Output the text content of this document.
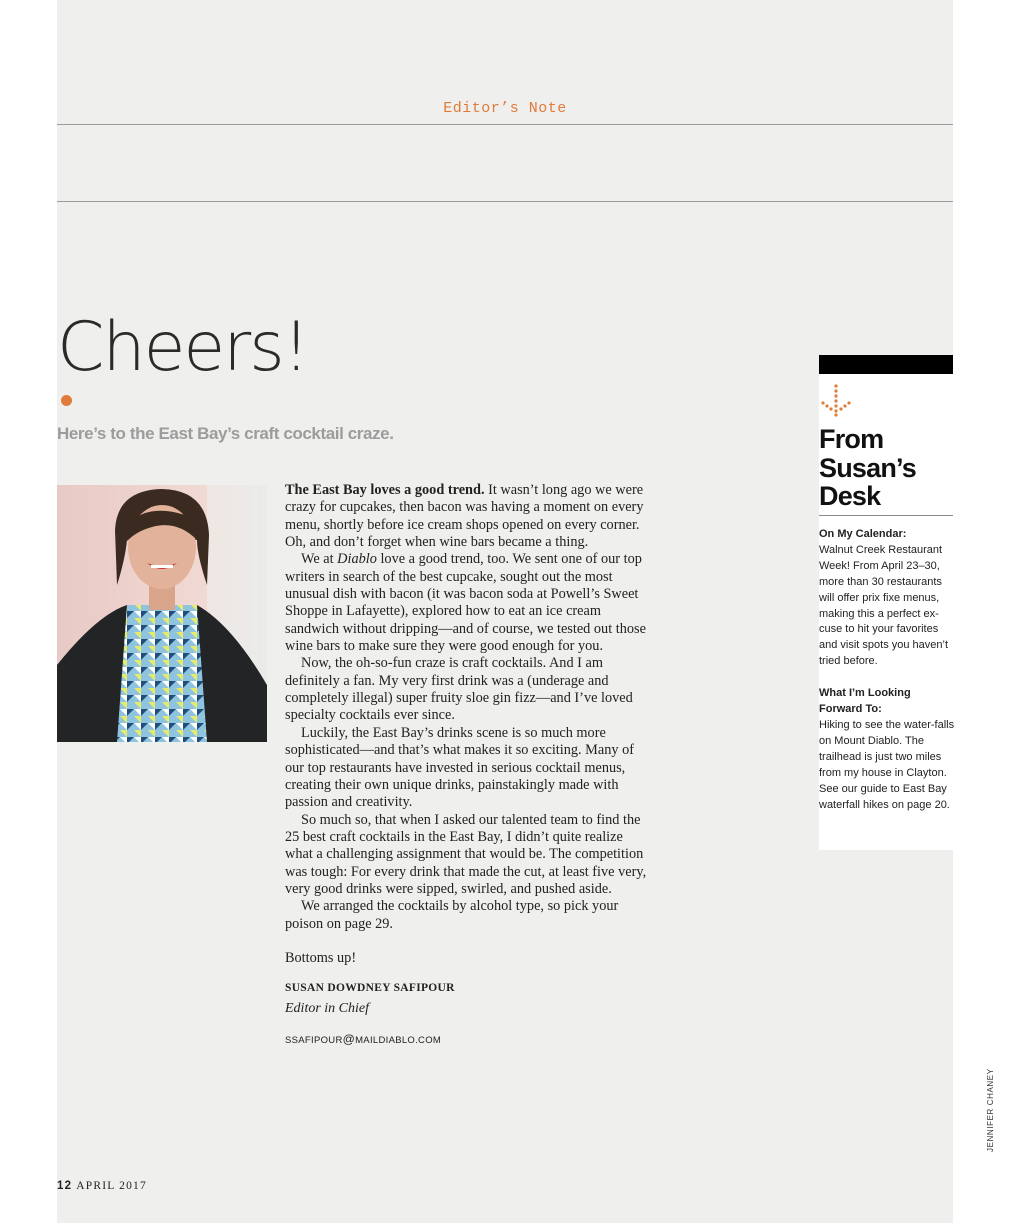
Editor’s Note
Cheers!
Here’s to the East Bay’s craft cocktail craze.

The East Bay loves a good trend. It wasn’t long ago we were crazy for cupcakes, then bacon was having a moment on every menu, shortly before ice cream shops opened on every corner. Oh, and don’t forget when wine bars became a thing.

We at Diablo love a good trend, too. We sent one of our top writers in search of the best cupcake, sought out the most unusual dish with bacon (it was bacon soda at Powell’s Sweet Shoppe in Lafayette), explored how to eat an ice cream sandwich without dripping—and of course, we tested out those wine bars to make sure they were good enough for you.

Now, the oh-so-fun craze is craft cocktails. And I am definitely a fan. My very first drink was a (underage and completely illegal) super fruity sloe gin fizz—and I’ve loved specialty cocktails ever since.

Luckily, the East Bay’s drinks scene is so much more sophisticated—and that’s what makes it so exciting. Many of our top restaurants have invested in serious cocktail menus, creating their own unique drinks, painstakingly made with passion and creativity.

So much so, that when I asked our talented team to find the 25 best craft cocktails in the East Bay, I didn’t quite realize what a challenging assignment that would be. The competition was tough: For every drink that made the cut, at least five very, very good drinks were sipped, swirled, and pushed aside.

We arranged the cocktails by alcohol type, so pick your poison on page 29.

Bottoms up!

SUSAN DOWDNEY SAFIPOUR
Editor in Chief
SSAFIPOUR@MAILDIABLO.COM
12 APRIL 2017
From
Susan’s
Desk
On My Calendar:
Walnut Creek Restaurant Week! From April 23–30, more than 30 restaurants will offer prix fixe menus, making this a perfect ex-cuse to hit your favorites and visit spots you haven’t tried before.
What I’m Looking Forward To:
Hiking to see the water-falls on Mount Diablo. The trailhead is just two miles from my house in Clayton. See our guide to East Bay waterfall hikes on page 20.
JENNIFER CHANEY
